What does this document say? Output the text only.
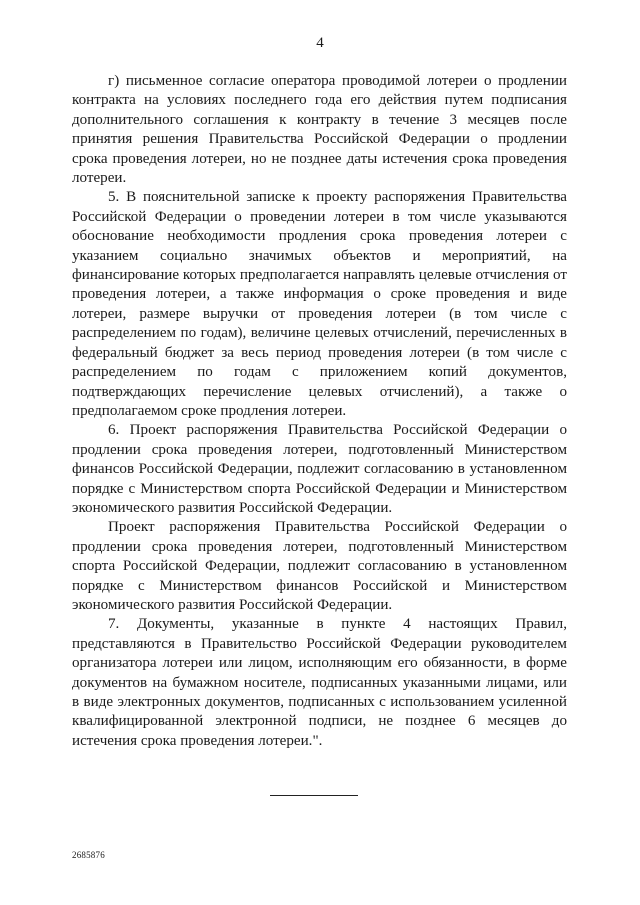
4

г) письменное согласие оператора проводимой лотереи о продлении контракта на условиях последнего года его действия путем подписания дополнительного соглашения к контракту в течение 3 месяцев после принятия решения Правительства Российской Федерации о продлении срока проведения лотереи, но не позднее даты истечения срока проведения лотереи.

5. В пояснительной записке к проекту распоряжения Правительства Российской Федерации о проведении лотереи в том числе указываются обоснование необходимости продления срока проведения лотереи с указанием социально значимых объектов и мероприятий, на финансирование которых предполагается направлять целевые отчисления от проведения лотереи, а также информация о сроке проведения и виде лотереи, размере выручки от проведения лотереи (в том числе с распределением по годам), величине целевых отчислений, перечисленных в федеральный бюджет за весь период проведения лотереи (в том числе с распределением по годам с приложением копий документов, подтверждающих перечисление целевых отчислений), а также о предполагаемом сроке продления лотереи.

6. Проект распоряжения Правительства Российской Федерации о продлении срока проведения лотереи, подготовленный Министерством финансов Российской Федерации, подлежит согласованию в установленном порядке с Министерством спорта Российской Федерации и Министерством экономического развития Российской Федерации.

Проект распоряжения Правительства Российской Федерации о продлении срока проведения лотереи, подготовленный Министерством спорта Российской Федерации, подлежит согласованию в установленном порядке с Министерством финансов Российской и Министерством экономического развития Российской Федерации.

7. Документы, указанные в пункте 4 настоящих Правил, представляются в Правительство Российской Федерации руководителем организатора лотереи или лицом, исполняющим его обязанности, в форме документов на бумажном носителе, подписанных указанными лицами, или в виде электронных документов, подписанных с использованием усиленной квалифицированной электронной подписи, не позднее 6 месяцев до истечения срока проведения лотереи.".

2685876
